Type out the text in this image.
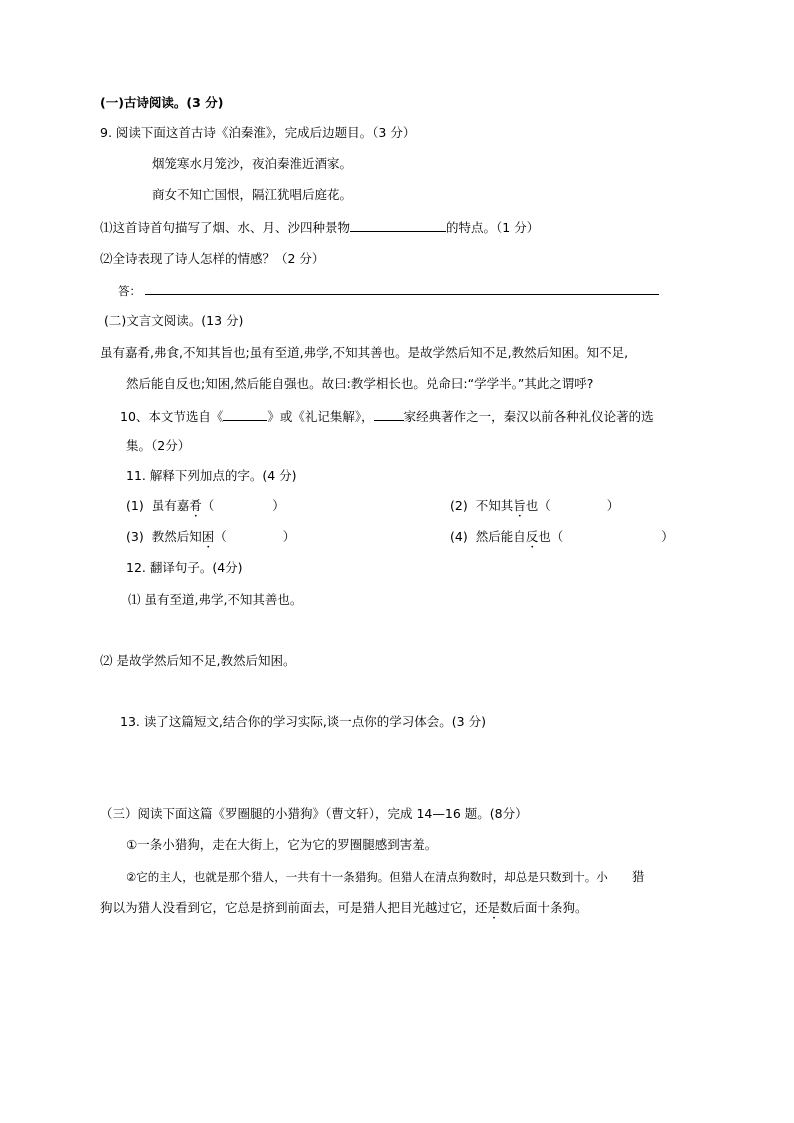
(一)古诗阅读。(3 分)
9. 阅读下面这首古诗《泊秦淮》，完成后边题目。（3 分）
烟笼寒水月笼沙，夜泊秦淮近酒家。
商女不知亡国恨，隔江犹唱后庭花。
⑴这首诗首句描写了烟、水、月、沙四种景物	的特点。（1 分）
⑵全诗表现了诗人怎样的情感？（2 分）
答：
(二)文言文阅读。(13 分)
虽有嘉肴,弗食,不知其旨也;虽有至道,弗学,不知其善也。是故学然后知不足,教然后知困。知不足,
然后能自反也;知困,然后能自强也。故曰:教学相长也。兑命曰:“学学半。”其此之谓呼?
10、本文节选自《	》或《礼记集解》， 家经典著作之一，秦汉以前各种礼仪论著的选
集。（2分）
11. 解释下列加点的字。(4 分)
(1) 虽有嘉肴（	）	(2) 不知其旨也（	）
(3) 教然后知困（	）	(4) 然后能自反也（	）
12. 翻译句子。(4分)
⑴ 虽有至道,弗学,不知其善也。
⑵ 是故学然后知不足,教然后知困。
13. 读了这篇短文,结合你的学习实际,谈一点你的学习体会。(3 分)
（三）阅读下面这篇《罗圈腿的小猎狗》（曹文轩），完成 14—16 题。(8分）
①一条小猎狗，走在大街上，它为它的罗圈腿感到害羞。
②它的主人，也就是那个猎人，一共有十一条猎狗。但猎人在清点狗数时，却总是只数到十。小 猎
狗以为猎人没看到它，它总是挤到前面去，可是猎人把目光越过它，还是数后面十条狗。
